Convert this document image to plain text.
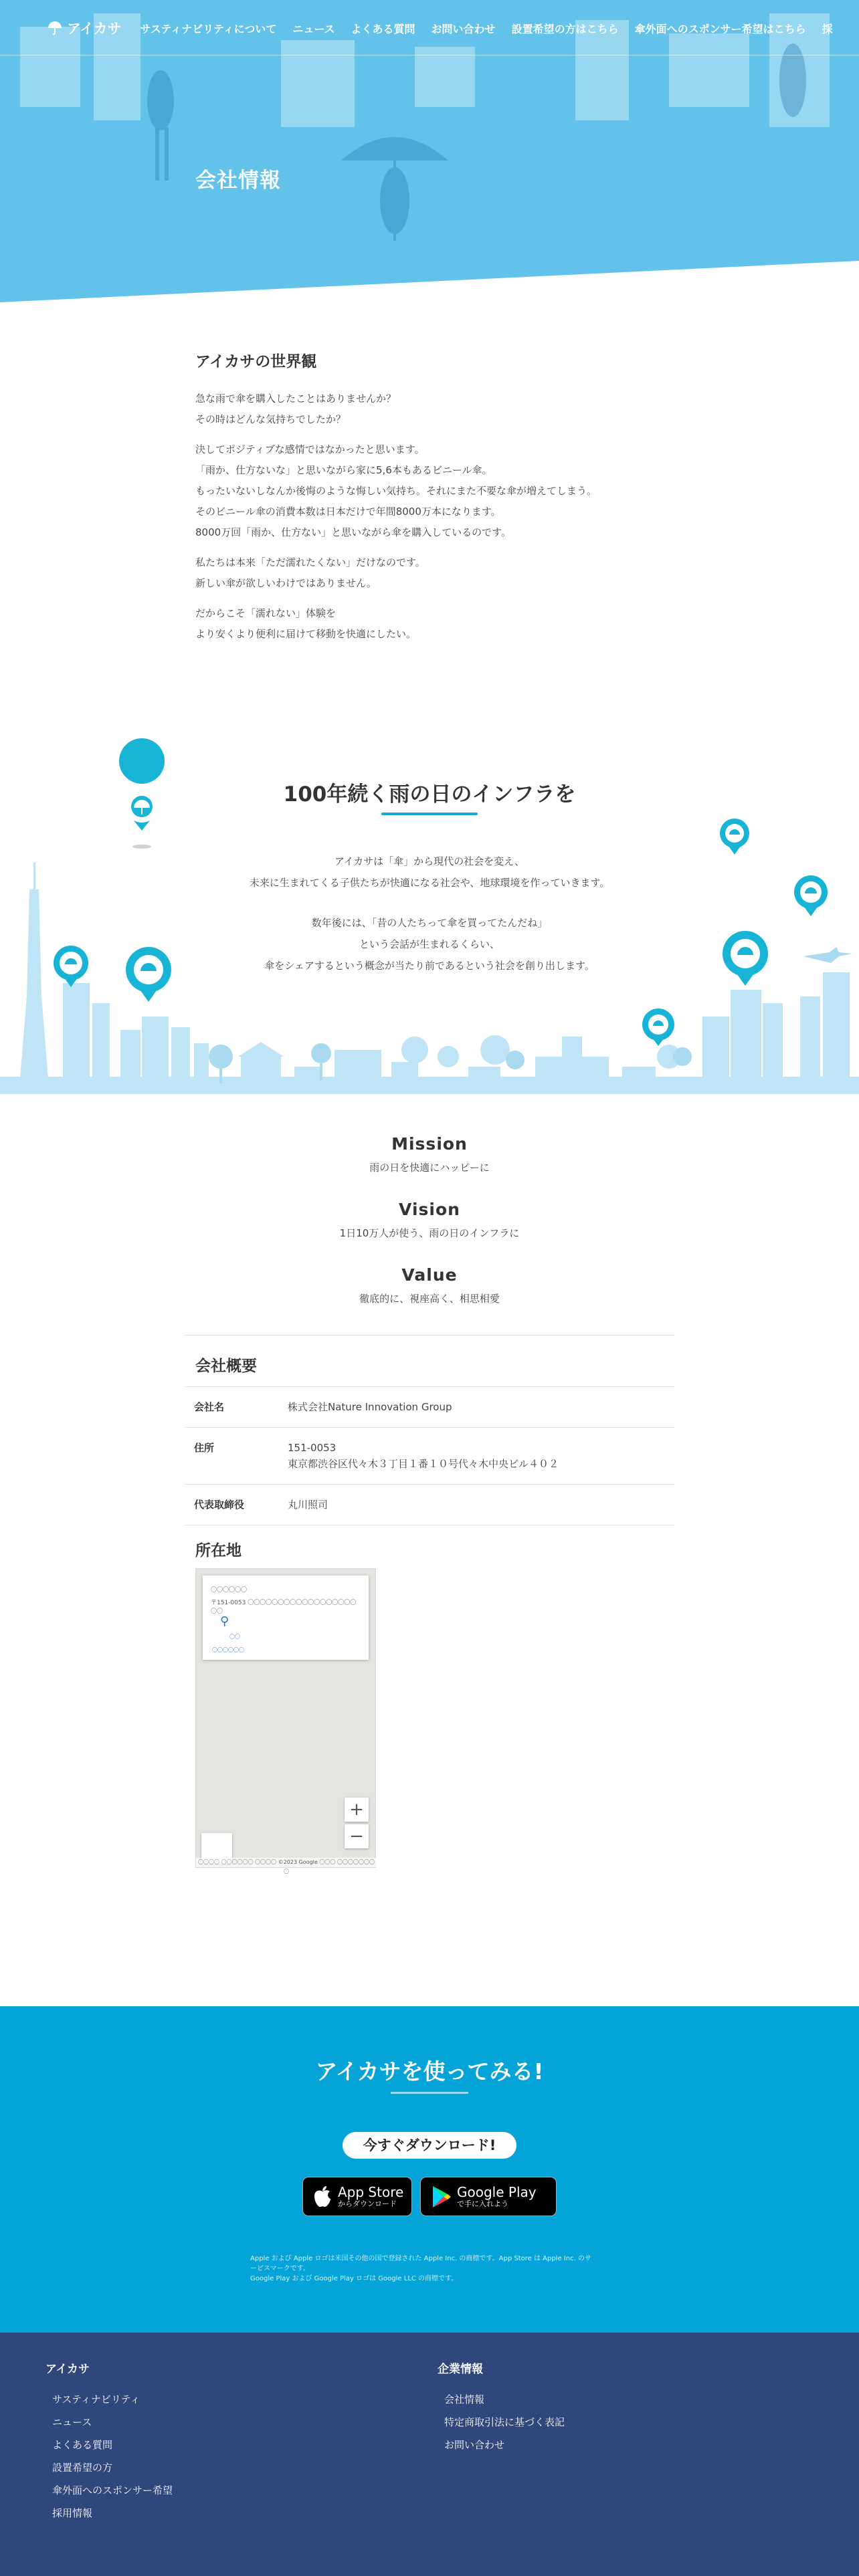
アイカサ サスティナビリティについて ニュース よくある質問 お問い合わせ 設置希望の方はこちら 傘外面へのスポンサー希望はこちら 採
会社情報
アイカサの世界観

急な雨で傘を購入したことはありませんか？
その時はどんな気持ちでしたか？

決してポジティブな感情ではなかったと思います。
「雨か、仕方ないな」と思いながら家に5,6本もあるビニール傘。
もったいないしなんか後悔のような悔しい気持ち。それにまた不要な傘が増えてしまう。
そのビニール傘の消費本数は日本だけで年間8000万本になります。
8000万回「雨か、仕方ない」と思いながら傘を購入しているのです。

私たちは本来「ただ濡れたくない」だけなのです。
新しい傘が欲しいわけではありません。

だからこそ「濡れない」体験を
より安くより便利に届けて移動を快適にしたい。

100年続く雨の日のインフラを

アイカサは「傘」から現代の社会を変え、
未来に生まれてくる子供たちが快適になる社会や、地球環境を作っていきます。

数年後には、「昔の人たちって傘を買ってたんだね」
という会話が生まれるくらい、
傘をシェアするという概念が当たり前であるという社会を創り出します。

Mission
雨の日を快適にハッピーに
Vision
1日10万人が使う、雨の日のインフラに
Value
徹底的に、視座高く、相思相愛
会社概要
会社名	株式会社Nature Innovation Group
住所	151-0053
東京都渋谷区代々木３丁目１番１０号代々木中央ビル４０２
代表取締役	丸川照司
所在地
〇〇〇〇〇〇
〒151-0053 〇〇〇〇〇〇〇〇〇〇〇〇〇〇〇〇〇〇〇〇
⚲
〇〇
〇〇〇〇〇〇
+
−
〇〇〇〇 〇〇〇〇〇〇 〇〇〇〇 ©2023 Google 〇〇〇 〇〇〇〇〇〇〇〇
アイカサを使ってみる!
今すぐダウンロード!
App Store
からダウンロード
Google Play
で手に入れよう
Apple および Apple ロゴは米国その他の国で登録された Apple Inc. の商標です。App Store は Apple Inc. のサ
ービスマークです。
Google Play および Google Play ロゴは Google LLC の商標です。
アイカサ
サスティナビリティ
ニュース
よくある質問
設置希望の方
傘外面へのスポンサー希望
採用情報
企業情報
会社情報
特定商取引法に基づく表記
お問い合わせ
